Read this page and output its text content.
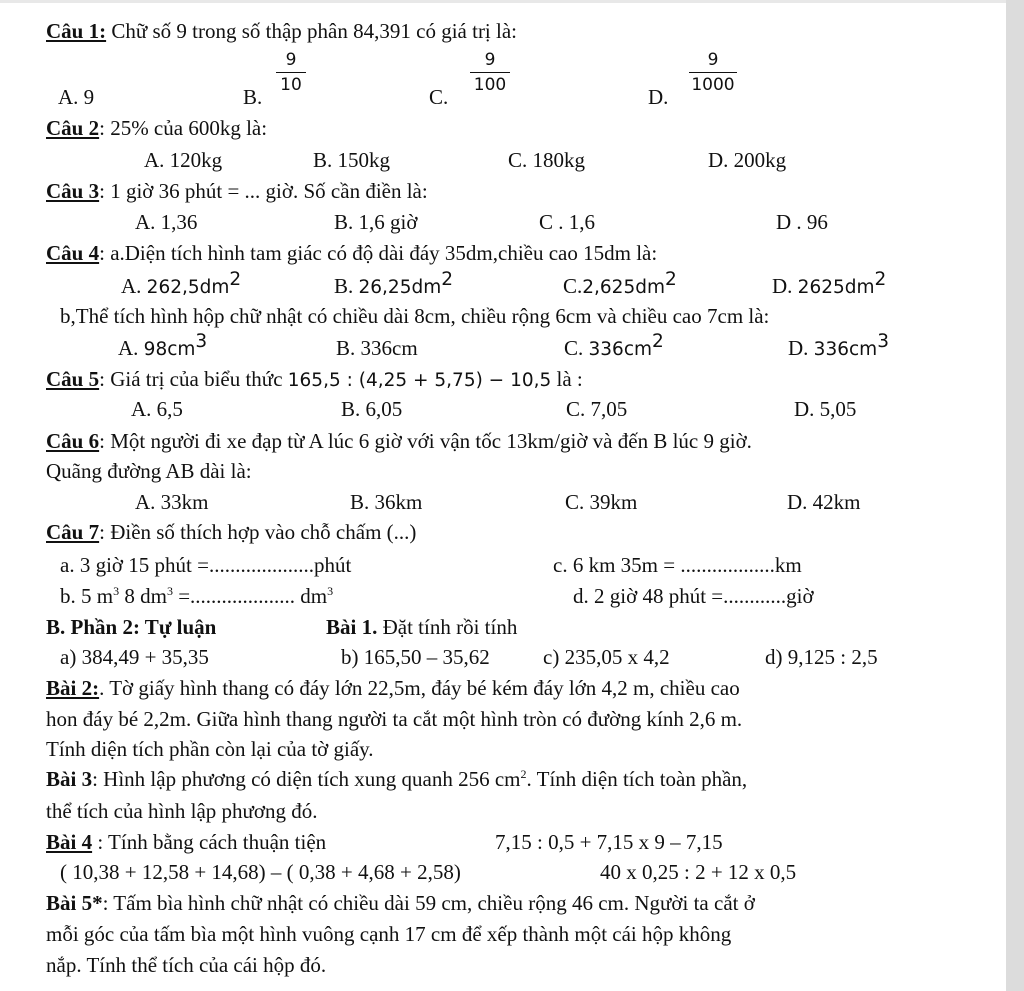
Câu 1: Chữ số 9 trong số thập phân 84,391 có giá trị là:
A. 9	B.
9
10	C.
9
100	D.
9
1000
Câu 2: 25% của 600kg là:
A. 120kg	B. 150kg	C. 180kg	D. 200kg
Câu 3: 1 giờ 36 phút = ... giờ. Số cần điền là:
A. 1,36	B. 1,6 giờ	C . 1,6	D . 96
Câu 4: a.Diện tích hình tam giác có độ dài đáy 35dm,chiều cao 15dm là:
A. $262,5dm^2$	B. $26,25dm^2$	$C.2,625dm^2$	D. $2625dm^2$
b,Thể tích hình hộp chữ nhật có chiều dài 8cm, chiều rộng 6cm và chiều cao 7cm là:
A. $98cm^3$	B. 336cm	C. $336cm^2$	D. $336cm^3$
Câu 5: Giá trị của biểu thức 165,5 : (4,25 + 5,75) − 10,5 là :
A. 6,5	B. 6,05	C. 7,05	D. 5,05
Câu 6: Một người đi xe đạp từ A lúc 6 giờ với vận tốc 13km/giờ và đến B lúc 9 giờ.
Quãng đường AB dài là:
A. 33km	B. 36km	C. 39km	D. 42km
Câu 7: Điền số thích hợp vào chỗ chấm (...)
a. 3 giờ 15 phút =....................phút	c. 6 km 35m = ..................km
b. 5 $m^3$ 8 $dm^3$ =.................... $dm^3$	d. 2 giờ 48 phút =............giờ
B. Phần 2: Tự luận	Bài 1. Đặt tính rồi tính
a) 384,49 + 35,35	b) 165,50 – 35,62	c) 235,05 x 4,2	d) 9,125 : 2,5
Bài 2:. Tờ giấy hình thang có đáy lớn 22,5m, đáy bé kém đáy lớn 4,2 m, chiều cao
hon đáy bé 2,2m. Giữa hình thang người ta cắt một hình tròn có đường kính 2,6 m.
Tính diện tích phần còn lại của tờ giấy.
Bài 3: Hình lập phương có diện tích xung quanh 256 $cm^2$. Tính diện tích toàn phần,
thể tích của hình lập phương đó.
Bài 4 : Tính bằng cách thuận tiện	7,15 : 0,5 + 7,15 x 9 – 7,15
( 10,38 + 12,58 + 14,68) – ( 0,38 + 4,68 + 2,58)	40 x 0,25 : 2 + 12 x 0,5
Bài 5*: Tấm bìa hình chữ nhật có chiều dài 59 cm, chiều rộng 46 cm. Người ta cắt ở
mỗi góc của tấm bìa một hình vuông cạnh 17 cm để xếp thành một cái hộp không
nắp. Tính thể tích của cái hộp đó.
